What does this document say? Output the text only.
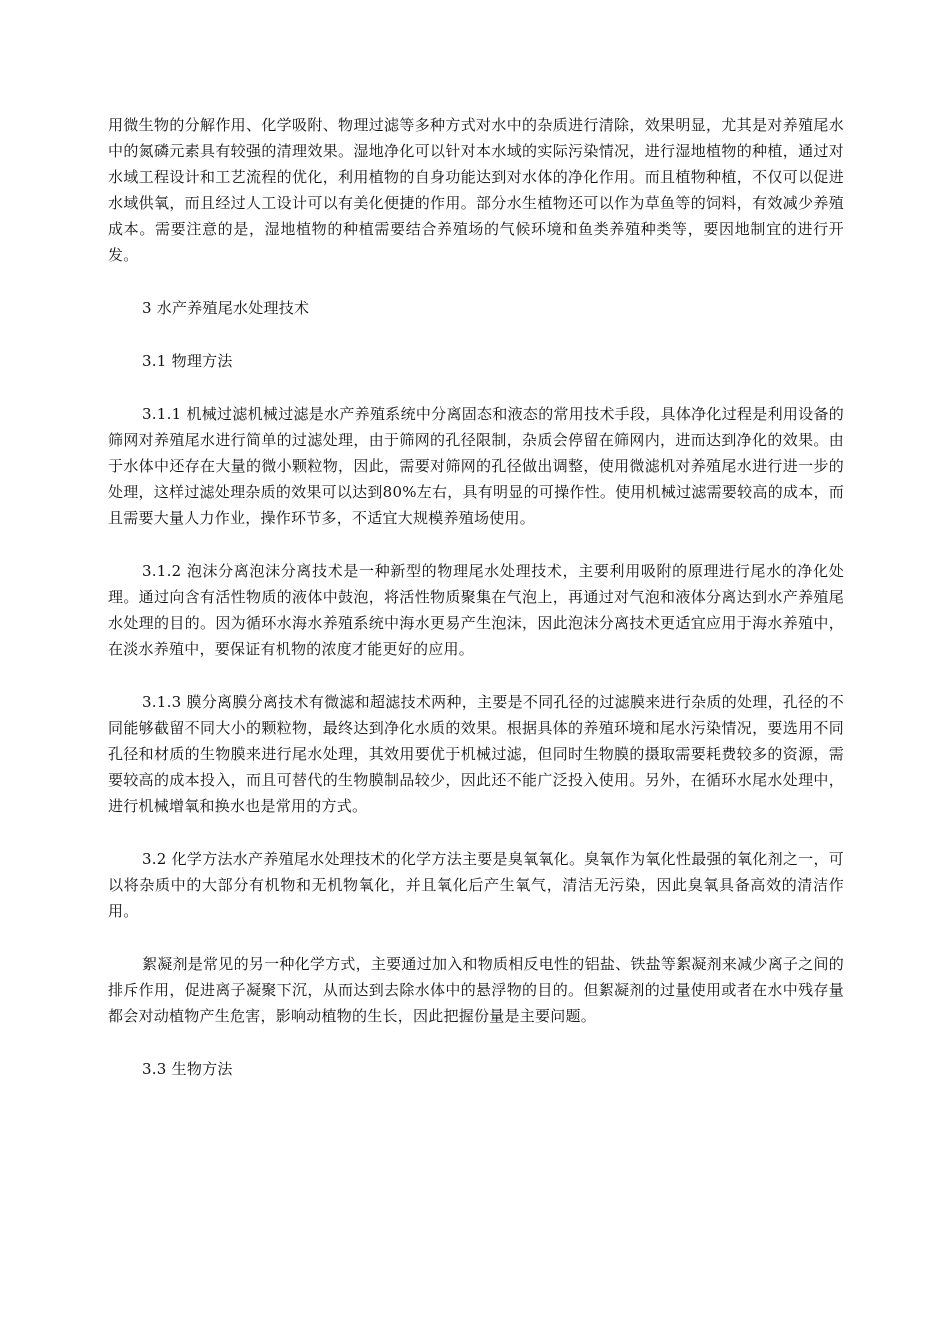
用微生物的分解作用、化学吸附、物理过滤等多种方式对水中的杂质进行清除，效果明显，尤其是对养殖尾水中的氮磷元素具有较强的清理效果。湿地净化可以针对本水域的实际污染情况，进行湿地植物的种植，通过对水域工程设计和工艺流程的优化，利用植物的自身功能达到对水体的净化作用。而且植物种植，不仅可以促进水域供氧，而且经过人工设计可以有美化便捷的作用。部分水生植物还可以作为草鱼等的饲料，有效减少养殖成本。需要注意的是，湿地植物的种植需要结合养殖场的气候环境和鱼类养殖种类等，要因地制宜的进行开发。

3 水产养殖尾水处理技术

3.1 物理方法

3.1.1 机械过滤机械过滤是水产养殖系统中分离固态和液态的常用技术手段，具体净化过程是利用设备的筛网对养殖尾水进行简单的过滤处理，由于筛网的孔径限制，杂质会停留在筛网内，进而达到净化的效果。由于水体中还存在大量的微小颗粒物，因此，需要对筛网的孔径做出调整，使用微滤机对养殖尾水进行进一步的处理，这样过滤处理杂质的效果可以达到80%左右，具有明显的可操作性。使用机械过滤需要较高的成本，而且需要大量人力作业，操作环节多，不适宜大规模养殖场使用。

3.1.2 泡沫分离泡沫分离技术是一种新型的物理尾水处理技术，主要利用吸附的原理进行尾水的净化处理。通过向含有活性物质的液体中鼓泡，将活性物质聚集在气泡上，再通过对气泡和液体分离达到水产养殖尾水处理的目的。因为循环水海水养殖系统中海水更易产生泡沫，因此泡沫分离技术更适宜应用于海水养殖中，在淡水养殖中，要保证有机物的浓度才能更好的应用。

3.1.3 膜分离膜分离技术有微滤和超滤技术两种，主要是不同孔径的过滤膜来进行杂质的处理，孔径的不同能够截留不同大小的颗粒物，最终达到净化水质的效果。根据具体的养殖环境和尾水污染情况，要选用不同孔径和材质的生物膜来进行尾水处理，其效用要优于机械过滤，但同时生物膜的摄取需要耗费较多的资源，需要较高的成本投入，而且可替代的生物膜制品较少，因此还不能广泛投入使用。另外，在循环水尾水处理中，进行机械增氧和换水也是常用的方式。

3.2 化学方法水产养殖尾水处理技术的化学方法主要是臭氧氧化。臭氧作为氧化性最强的氧化剂之一，可以将杂质中的大部分有机物和无机物氧化，并且氧化后产生氧气，清洁无污染，因此臭氧具备高效的清洁作用。

絮凝剂是常见的另一种化学方式，主要通过加入和物质相反电性的铝盐、铁盐等絮凝剂来减少离子之间的排斥作用，促进离子凝聚下沉，从而达到去除水体中的悬浮物的目的。但絮凝剂的过量使用或者在水中残存量都会对动植物产生危害，影响动植物的生长，因此把握份量是主要问题。

3.3 生物方法
